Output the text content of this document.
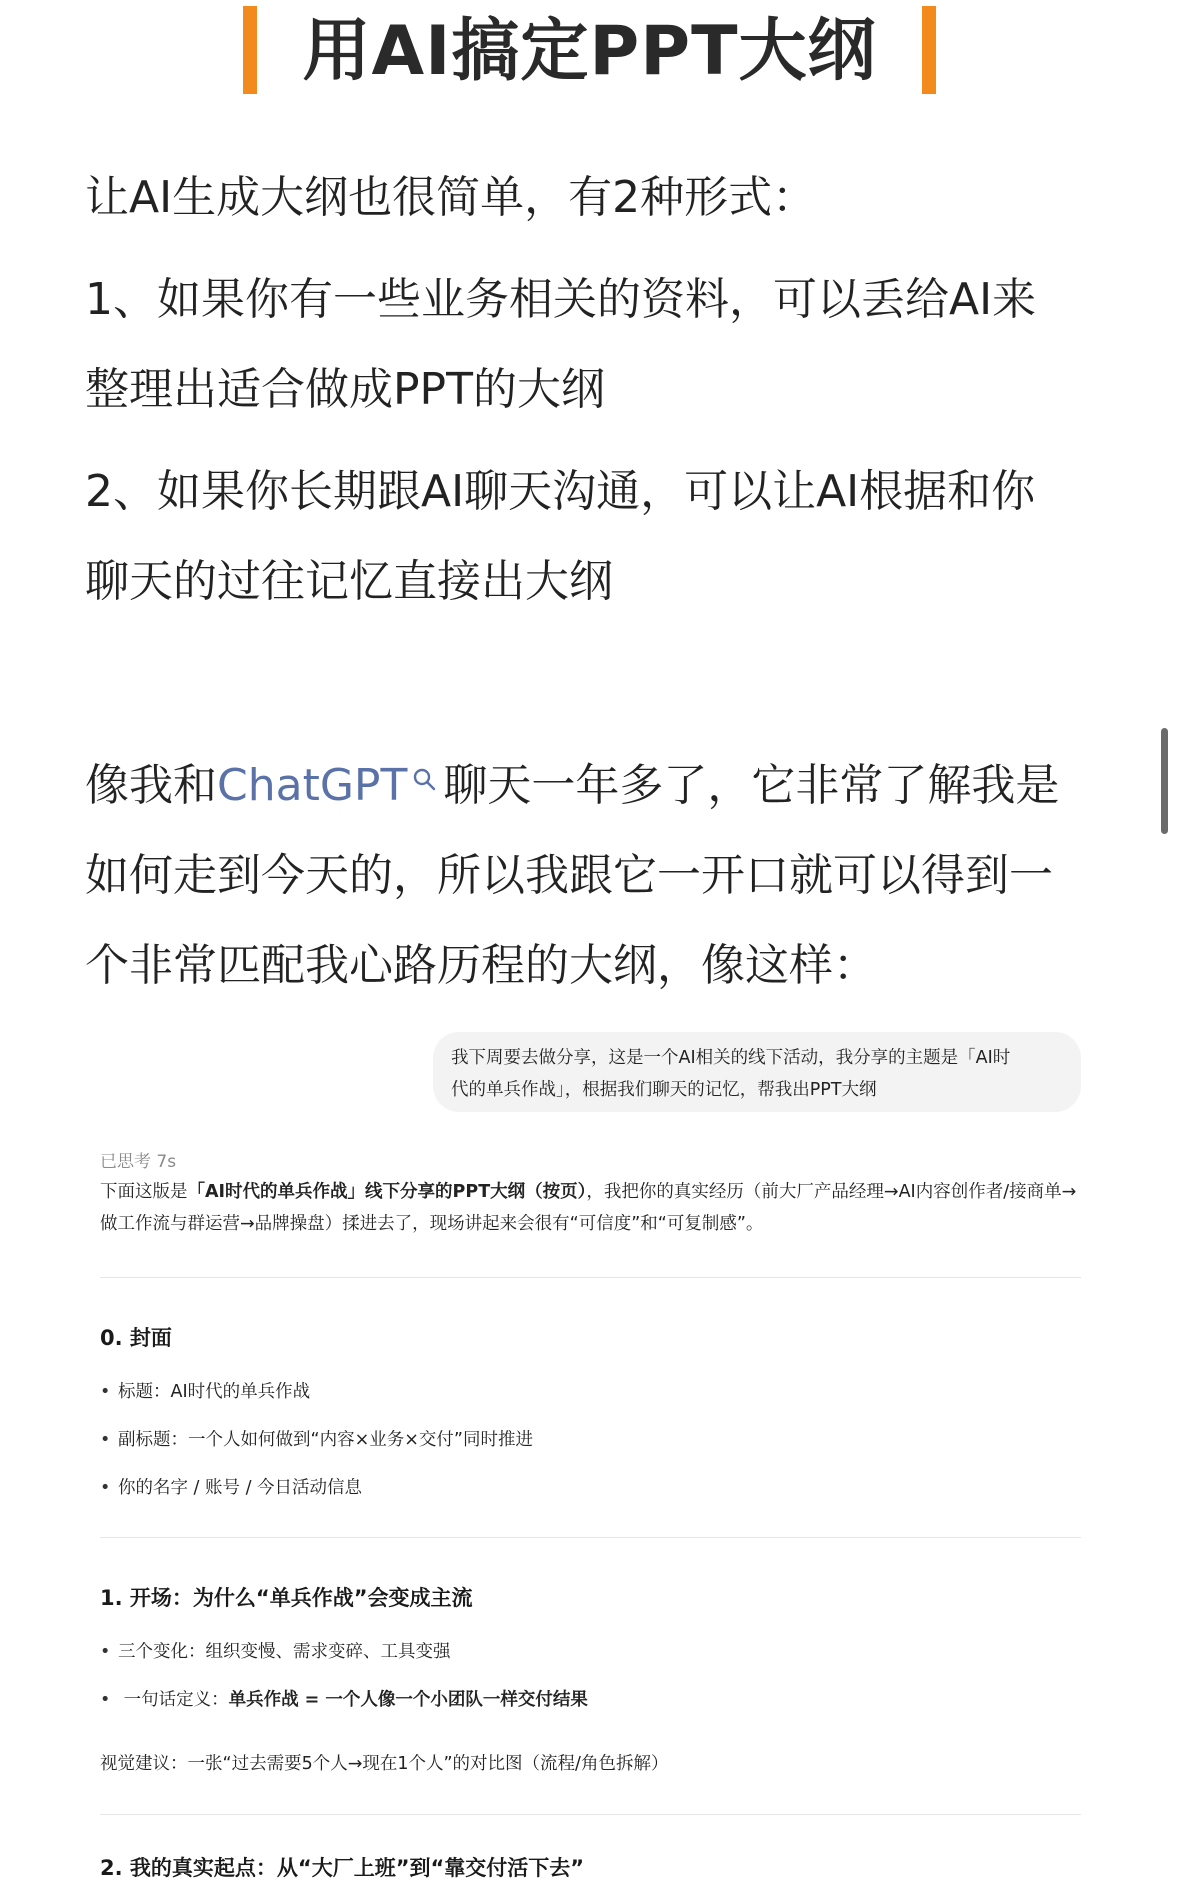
用AI搞定PPT大纲
让AI生成大纲也很简单，有2种形式：
1、如果你有一些业务相关的资料，可以丢给AI来
整理出适合做成PPT的大纲
2、如果你长期跟AI聊天沟通，可以让AI根据和你
聊天的过往记忆直接出大纲
像我和ChatGPT 聊天一年多了，它非常了解我是
如何走到今天的，所以我跟它一开口就可以得到一
个非常匹配我心路历程的大纲，像这样：
我下周要去做分享，这是一个AI相关的线下活动，我分享的主题是「AI时
代的单兵作战」，根据我们聊天的记忆，帮我出PPT大纲
已思考 7s
下面这版是「AI时代的单兵作战」线下分享的PPT大纲（按页），我把你的真实经历（前大厂产品经理→AI内容创作者/接商单→做工作流与群运营→品牌操盘）揉进去了，现场讲起来会很有“可信度”和“可复制感”。
0. 封面
• 标题：AI时代的单兵作战
• 副标题：一个人如何做到“内容×业务×交付”同时推进
• 你的名字 / 账号 / 今日活动信息
1. 开场：为什么“单兵作战”会变成主流
• 三个变化：组织变慢、需求变碎、工具变强
• 一句话定义：单兵作战 = 一个人像一个小团队一样交付结果
视觉建议：一张“过去需要5个人→现在1个人”的对比图（流程/角色拆解）
2. 我的真实起点：从“大厂上班”到“靠交付活下去”
